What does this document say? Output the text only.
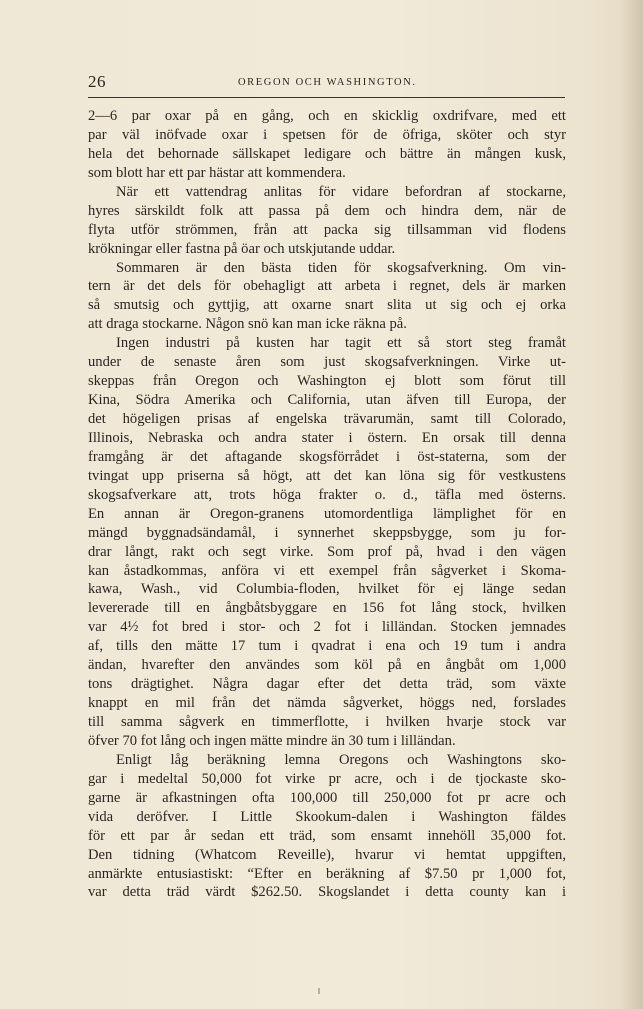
26	OREGON OCH WASHINGTON.
2—6 par oxar på en gång, och en skicklig oxdrifvare, med ett
par väl inöfvade oxar i spetsen för de öfriga, sköter och styr
hela det behornade sällskapet ledigare och bättre än mången kusk,
som blott har ett par hästar att kommendera.
När ett vattendrag anlitas för vidare befordran af stockarne,
hyres särskildt folk att passa på dem och hindra dem, när de
flyta utför strömmen, från att packa sig tillsamman vid flodens
krökningar eller fastna på öar och utskjutande uddar.
Sommaren är den bästa tiden för skogsafverkning. Om vin-
tern är det dels för obehagligt att arbeta i regnet, dels är marken
så smutsig och gyttjig, att oxarne snart slita ut sig och ej orka
att draga stockarne. Någon snö kan man icke räkna på.
Ingen industri på kusten har tagit ett så stort steg framåt
under de senaste åren som just skogsafverkningen. Virke ut-
skeppas från Oregon och Washington ej blott som förut till
Kina, Södra Amerika och California, utan äfven till Europa, der
det högeligen prisas af engelska trävarumän, samt till Colorado,
Illinois, Nebraska och andra stater i östern. En orsak till denna
framgång är det aftagande skogsförrådet i öst-staterna, som der
tvingat upp priserna så högt, att det kan löna sig för vestkustens
skogsafverkare att, trots höga frakter o. d., täfla med österns.
En annan är Oregon-granens utomordentliga lämplighet för en
mängd byggnadsändamål, i synnerhet skeppsbygge, som ju for-
drar långt, rakt och segt virke. Som prof på, hvad i den vägen
kan åstadkommas, anföra vi ett exempel från sågverket i Skoma-
kawa, Wash., vid Columbia-floden, hvilket för ej länge sedan
levererade till en ångbåtsbyggare en 156 fot lång stock, hvilken
var 4½ fot bred i stor- och 2 fot i lilländan. Stocken jemnades
af, tills den mätte 17 tum i qvadrat i ena och 19 tum i andra
ändan, hvarefter den användes som köl på en ångbåt om 1,000
tons drägtighet. Några dagar efter det detta träd, som växte
knappt en mil från det nämda sågverket, höggs ned, forslades
till samma sågverk en timmerflotte, i hvilken hvarje stock var
öfver 70 fot lång och ingen mätte mindre än 30 tum i lilländan.
Enligt låg beräkning lemna Oregons och Washingtons sko-
gar i medeltal 50,000 fot virke pr acre, och i de tjockaste sko-
garne är afkastningen ofta 100,000 till 250,000 fot pr acre och
vida deröfver. I Little Skookum-dalen i Washington fäldes
för ett par år sedan ett träd, som ensamt innehöll 35,000 fot.
Den tidning (Whatcom Reveille), hvarur vi hemtat uppgiften,
anmärkte entusiastiskt: “Efter en beräkning af $7.50 pr 1,000 fot,
var detta träd värdt $262.50. Skogslandet i detta county kan i
